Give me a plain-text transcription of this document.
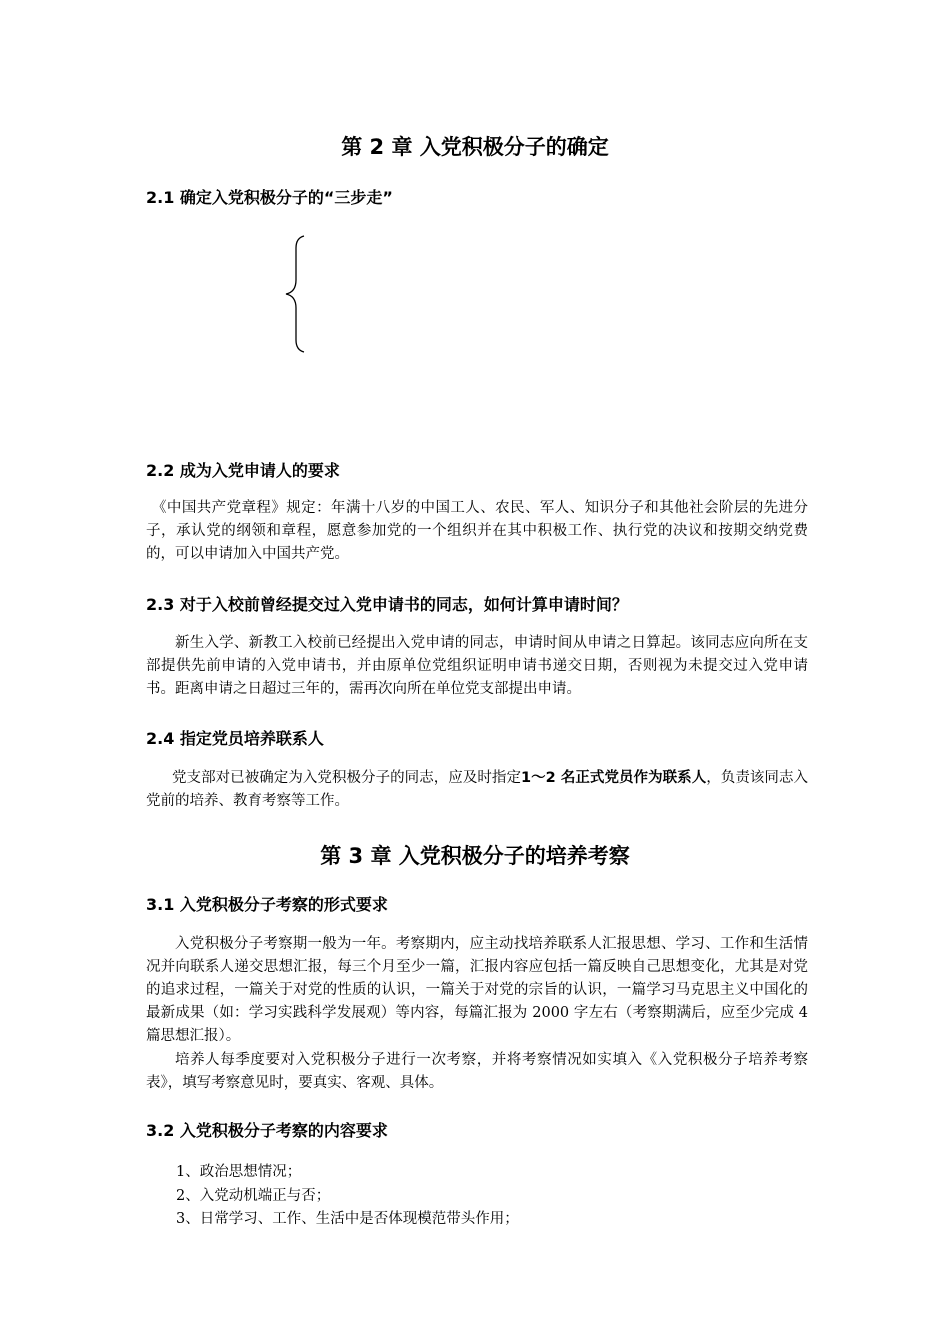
第 2 章 入党积极分子的确定
2.1 确定入党积极分子的“三步走”
2.2 成为入党申请人的要求
《中国共产党章程》规定：年满十八岁的中国工人、农民、军人、知识分子和其他社会阶层的先进分子，承认党的纲领和章程，愿意参加党的一个组织并在其中积极工作、执行党的决议和按期交纳党费的，可以申请加入中国共产党。
2.3 对于入校前曾经提交过入党申请书的同志，如何计算申请时间？
新生入学、新教工入校前已经提出入党申请的同志，申请时间从申请之日算起。该同志应向所在支部提供先前申请的入党申请书，并由原单位党组织证明申请书递交日期，否则视为未提交过入党申请书。距离申请之日超过三年的，需再次向所在单位党支部提出申请。
2.4 指定党员培养联系人
党支部对已被确定为入党积极分子的同志，应及时指定1～2 名正式党员作为联系人，负责该同志入党前的培养、教育考察等工作。
第 3 章 入党积极分子的培养考察
3.1 入党积极分子考察的形式要求
入党积极分子考察期一般为一年。考察期内，应主动找培养联系人汇报思想、学习、工作和生活情况并向联系人递交思想汇报，每三个月至少一篇，汇报内容应包括一篇反映自己思想变化，尤其是对党的追求过程，一篇关于对党的性质的认识，一篇关于对党的宗旨的认识，一篇学习马克思主义中国化的最新成果（如：学习实践科学发展观）等内容，每篇汇报为 2000 字左右（考察期满后，应至少完成 4 篇思想汇报）。
培养人每季度要对入党积极分子进行一次考察，并将考察情况如实填入《入党积极分子培养考察表》，填写考察意见时，要真实、客观、具体。
3.2 入党积极分子考察的内容要求
1、政治思想情况；
2、入党动机端正与否；
3、日常学习、工作、生活中是否体现模范带头作用；
